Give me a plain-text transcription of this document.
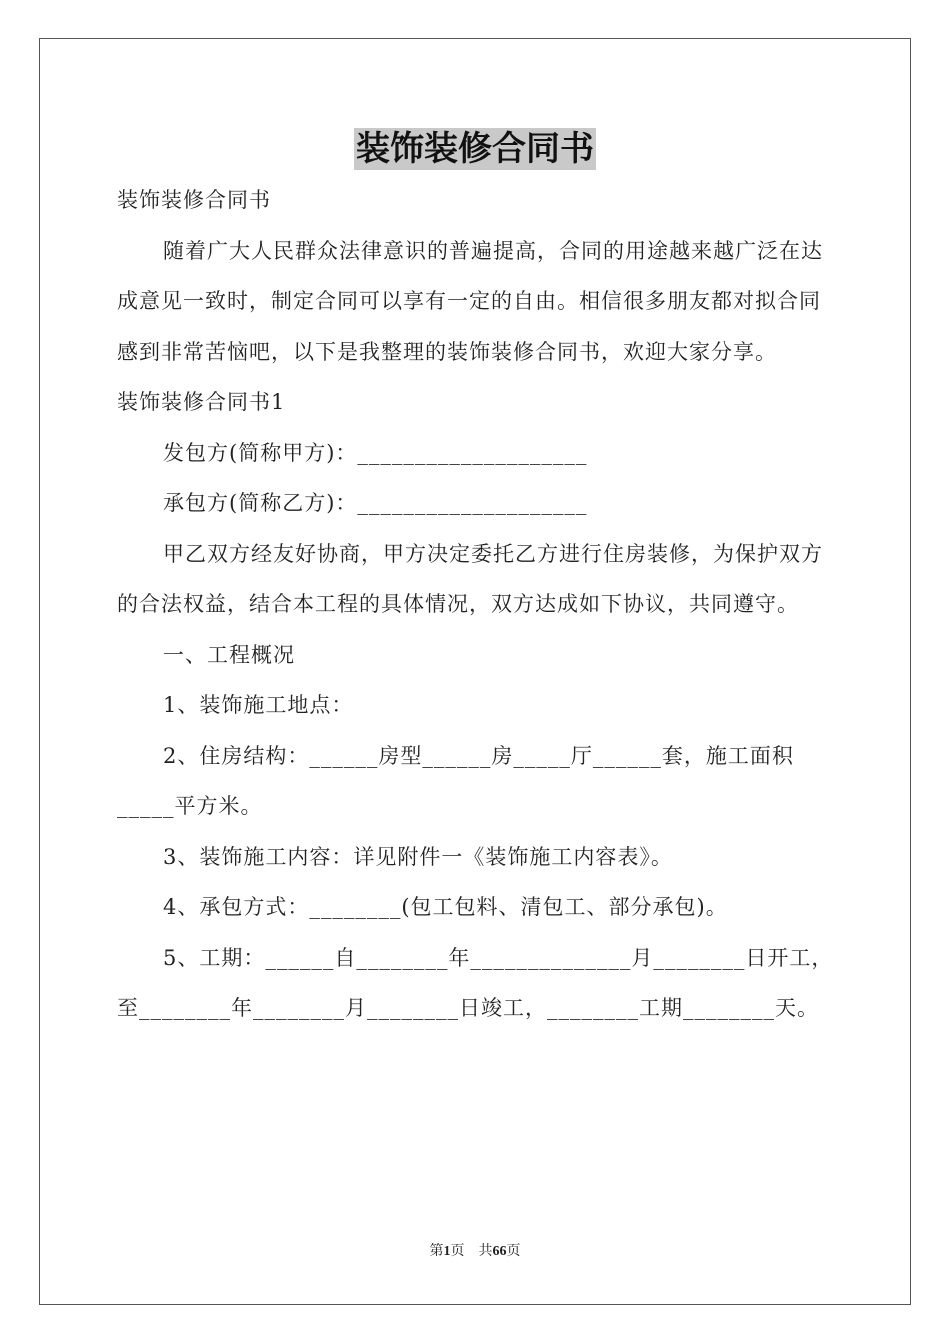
装饰装修合同书

装饰装修合同书

随着广大人民群众法律意识的普遍提高，合同的用途越来越广泛在达成意见一致时，制定合同可以享有一定的自由。相信很多朋友都对拟合同感到非常苦恼吧，以下是我整理的装饰装修合同书，欢迎大家分享。

装饰装修合同书1

发包方(简称甲方)：____________________

承包方(简称乙方)：____________________

甲乙双方经友好协商，甲方决定委托乙方进行住房装修，为保护双方的合法权益，结合本工程的具体情况，双方达成如下协议，共同遵守。

一、工程概况

1、装饰施工地点：

2、住房结构：______房型______房_____厅______套，施工面积_____平方米。

3、装饰施工内容：详见附件一《装饰施工内容表》。

4、承包方式：________(包工包料、清包工、部分承包)。

5、工期：______自________年______________月________日开工，至________年________月________日竣工，________工期________天。

第1页　共66页
